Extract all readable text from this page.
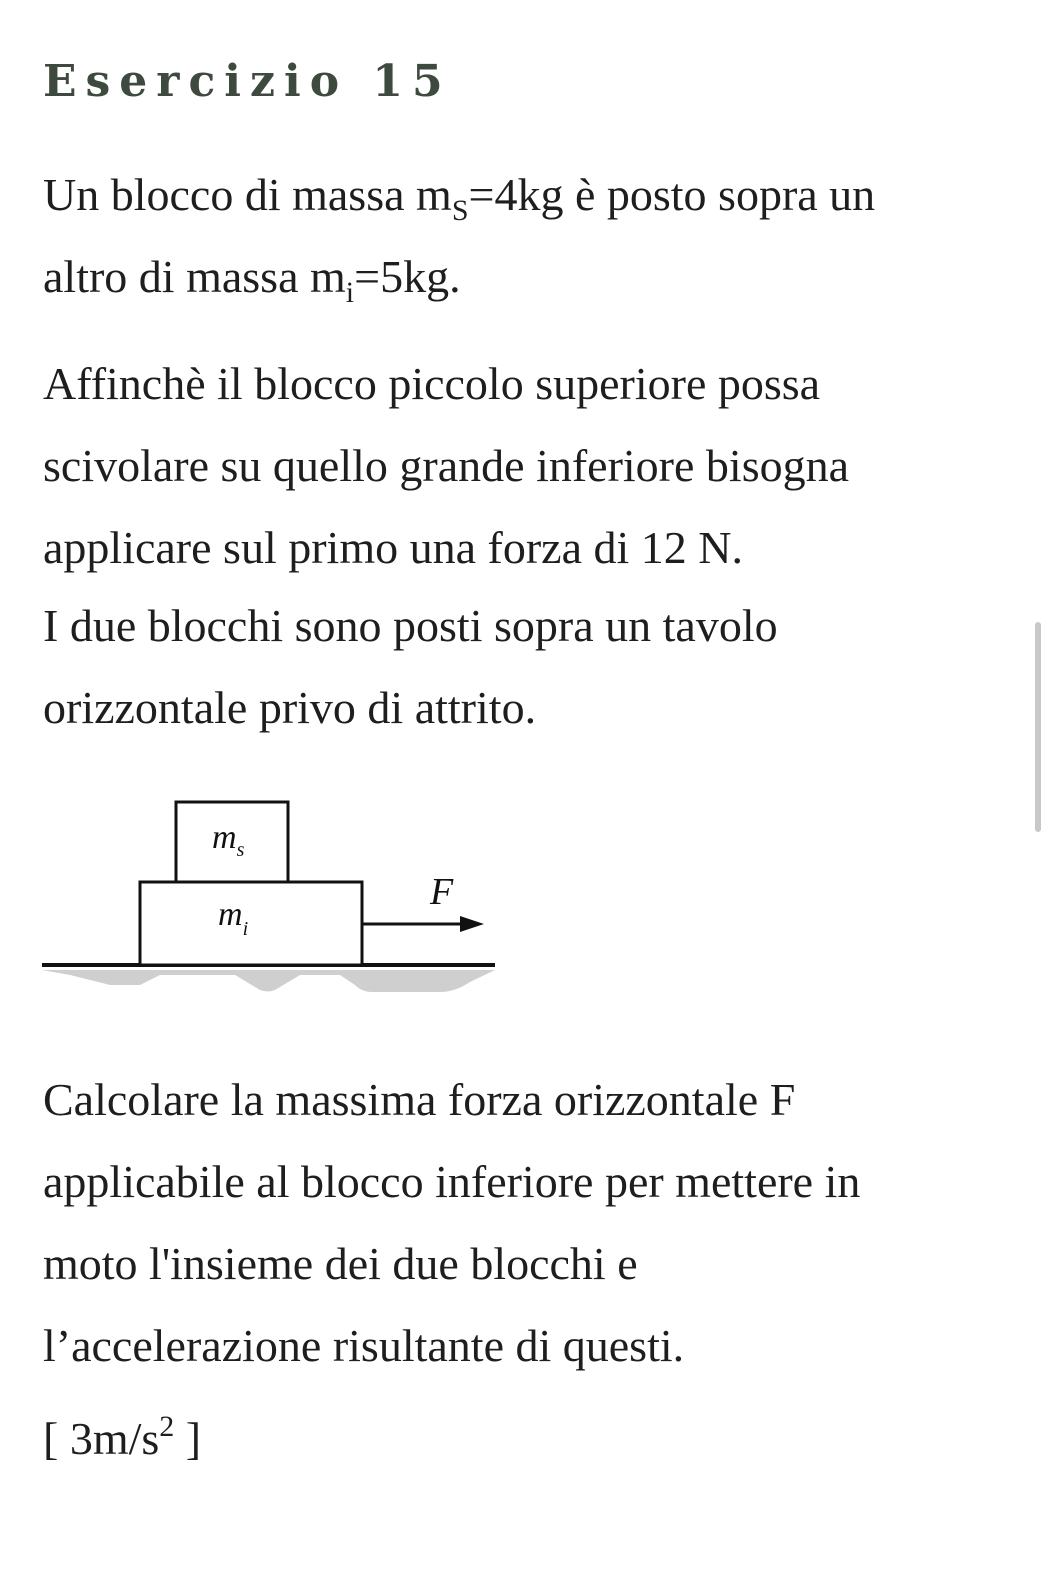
Esercizio 15

Un blocco di massa $m_S=4kg$ è posto sopra un
altro di massa $m_i=5kg$.

Affinchè il blocco piccolo superiore possa
scivolare su quello grande inferiore bisogna
applicare sul primo una forza di 12 N.

I due blocchi sono posti sopra un tavolo
orizzontale privo di attrito.

$m_s$
$m_i$
F

Calcolare la massima forza orizzontale F
applicabile al blocco inferiore per mettere in
moto l'insieme dei due blocchi e
l’accelerazione risultante di questi.

[ $3m/s^2$ ]
